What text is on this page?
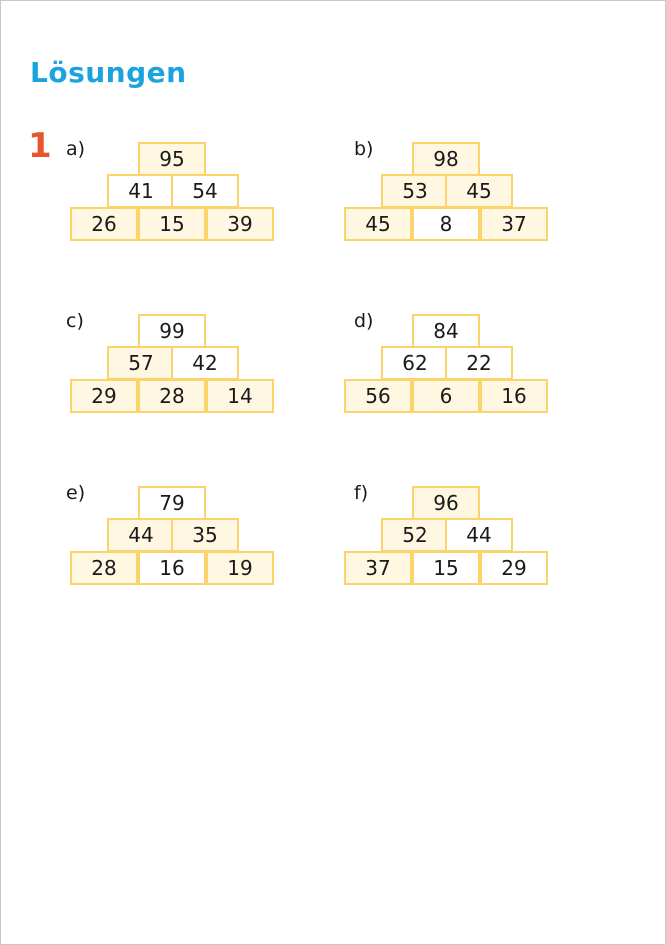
Lösungen
1 a)	95
41	54
26	15	39
b)	98
53	45
45	8	37
c)	99
57	42
29	28	14
d)	84
62	22
56	6	16
e)	79
44	35
28	16	19
f)	96
52	44
37	15	29
